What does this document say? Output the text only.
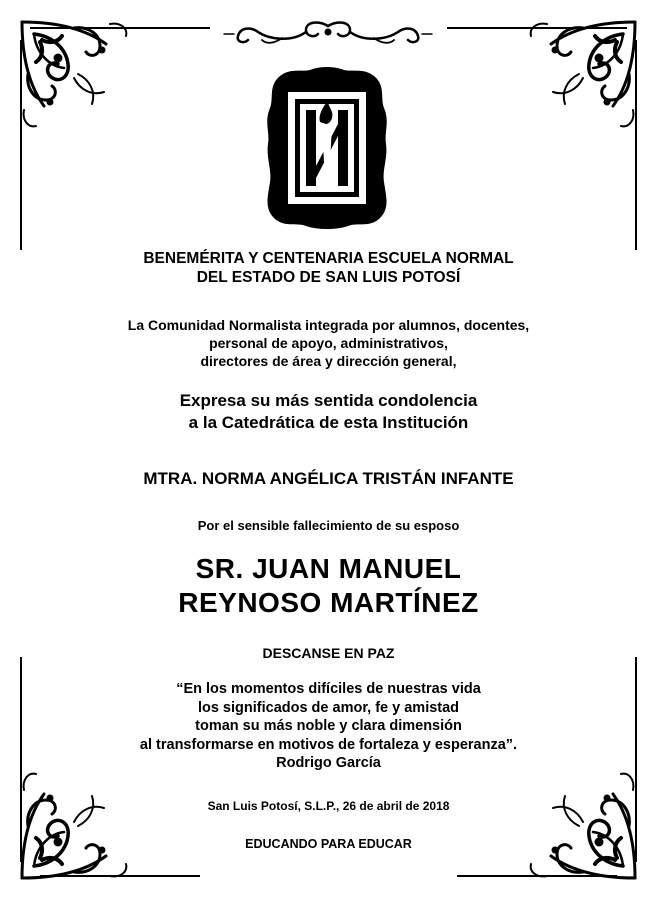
BENEMÉRITA Y CENTENARIA ESCUELA NORMAL
DEL ESTADO DE SAN LUIS POTOSÍ
La Comunidad Normalista integrada por alumnos, docentes,
personal de apoyo, administrativos,
directores de área y dirección general,
Expresa su más sentida condolencia
a la Catedrática de esta Institución
MTRA. NORMA ANGÉLICA TRISTÁN INFANTE
Por el sensible fallecimiento de su esposo
SR. JUAN MANUEL
REYNOSO MARTÍNEZ
DESCANSE EN PAZ
“En los momentos difíciles de nuestras vida
los significados de amor, fe y amistad
toman su más noble y clara dimensión
al transformarse en motivos de fortaleza y esperanza”.
Rodrigo García
San Luis Potosí, S.L.P., 26 de abril de 2018
EDUCANDO PARA EDUCAR
